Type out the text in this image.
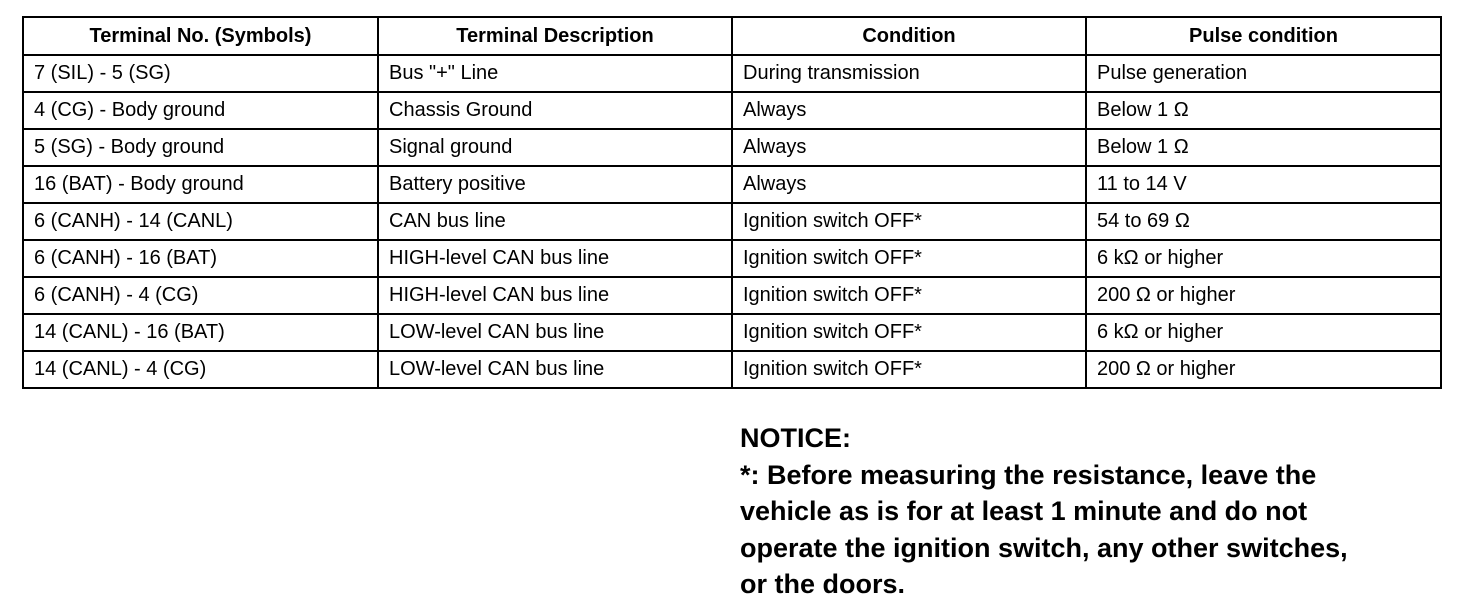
Terminal No. (Symbols)	Terminal Description	Condition	Pulse condition
7 (SIL) - 5 (SG)	Bus "+" Line	During transmission	Pulse generation
4 (CG) - Body ground	Chassis Ground	Always	Below 1 Ω
5 (SG) - Body ground	Signal ground	Always	Below 1 Ω
16 (BAT) - Body ground	Battery positive	Always	11 to 14 V
6 (CANH) - 14 (CANL)	CAN bus line	Ignition switch OFF*	54 to 69 Ω
6 (CANH) - 16 (BAT)	HIGH-level CAN bus line	Ignition switch OFF*	6 kΩ or higher
6 (CANH) - 4 (CG)	HIGH-level CAN bus line	Ignition switch OFF*	200 Ω or higher
14 (CANL) - 16 (BAT)	LOW-level CAN bus line	Ignition switch OFF*	6 kΩ or higher
14 (CANL) - 4 (CG)	LOW-level CAN bus line	Ignition switch OFF*	200 Ω or higher

NOTICE:

*: Before measuring the resistance, leave the

vehicle as is for at least 1 minute and do not

operate the ignition switch, any other switches,

or the doors.
